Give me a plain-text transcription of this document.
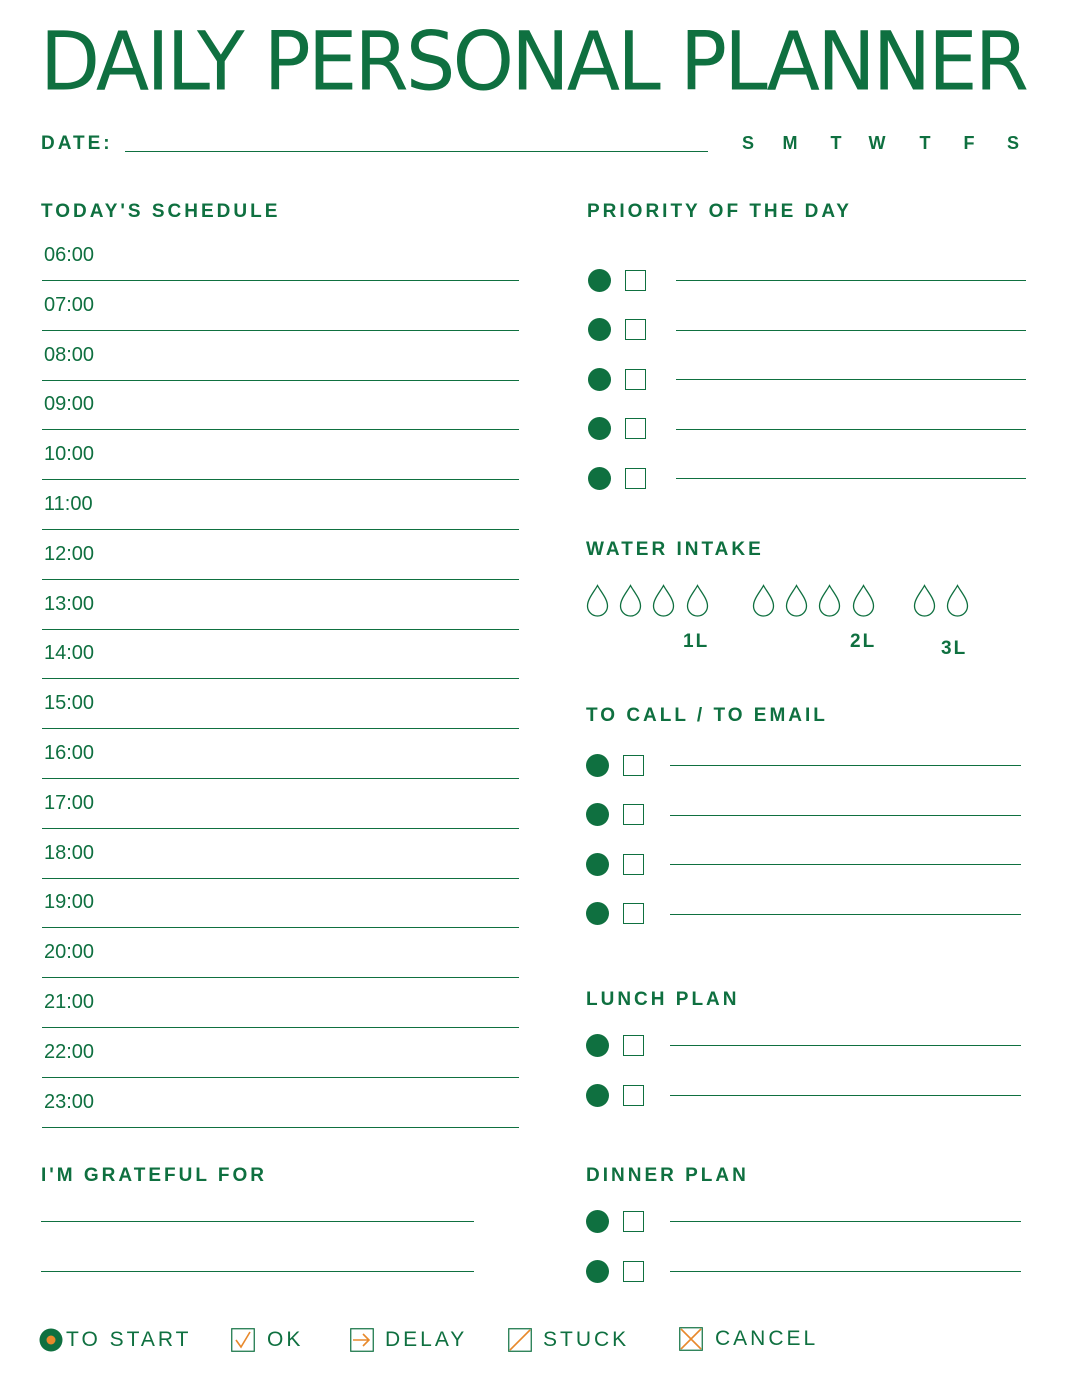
DAILY PERSONAL PLANNER
DATE:	S	M	T	W	T	F	S
TODAY'S SCHEDULE
06:00
07:00
08:00
09:00
10:00
11:00
12:00
13:00
14:00
15:00
16:00
17:00
18:00
19:00
20:00
21:00
22:00
23:00
PRIORITY OF THE DAY
WATER INTAKE
1L	2L	3L
TO CALL / TO EMAIL
LUNCH PLAN
I'M GRATEFUL FOR	DINNER PLAN
TO START	OK	DELAY	STUCK	CANCEL
